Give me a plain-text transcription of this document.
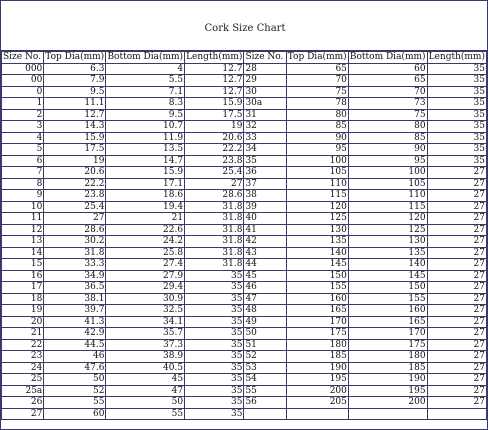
Cork Size Chart
Size No.	Top Dia(mm)	Bottom Dia(mm)	Length(mm)	Size No.	Top Dia(mm)	Bottom Dia(mm)	Length(mm)
000	6.3	4	12.7	28	65	60	35
00	7.9	5.5	12.7	29	70	65	35
0	9.5	7.1	12.7	30	75	70	35
1	11.1	8.3	15.9	30a	78	73	35
2	12.7	9.5	17.5	31	80	75	35
3	14.3	10.7	19	32	85	80	35
4	15.9	11.9	20.6	33	90	85	35
5	17.5	13.5	22.2	34	95	90	35
6	19	14.7	23.8	35	100	95	35
7	20.6	15.9	25.4	36	105	100	27
8	22.2	17.1	27	37	110	105	27
9	23.8	18.6	28.6	38	115	110	27
10	25.4	19.4	31.8	39	120	115	27
11	27	21	31.8	40	125	120	27
12	28.6	22.6	31.8	41	130	125	27
13	30.2	24.2	31.8	42	135	130	27
14	31.8	25.8	31.8	43	140	135	27
15	33.3	27.4	31.8	44	145	140	27
16	34.9	27.9	35	45	150	145	27
17	36.5	29.4	35	46	155	150	27
18	38.1	30.9	35	47	160	155	27
19	39.7	32.5	35	48	165	160	27
20	41.3	34.1	35	49	170	165	27
21	42.9	35.7	35	50	175	170	27
22	44.5	37.3	35	51	180	175	27
23	46	38.9	35	52	185	180	27
24	47.6	40.5	35	53	190	185	27
25	50	45	35	54	195	190	27
25a	52	47	35	55	200	195	27
26	55	50	35	56	205	200	27
27	60	55	35				
